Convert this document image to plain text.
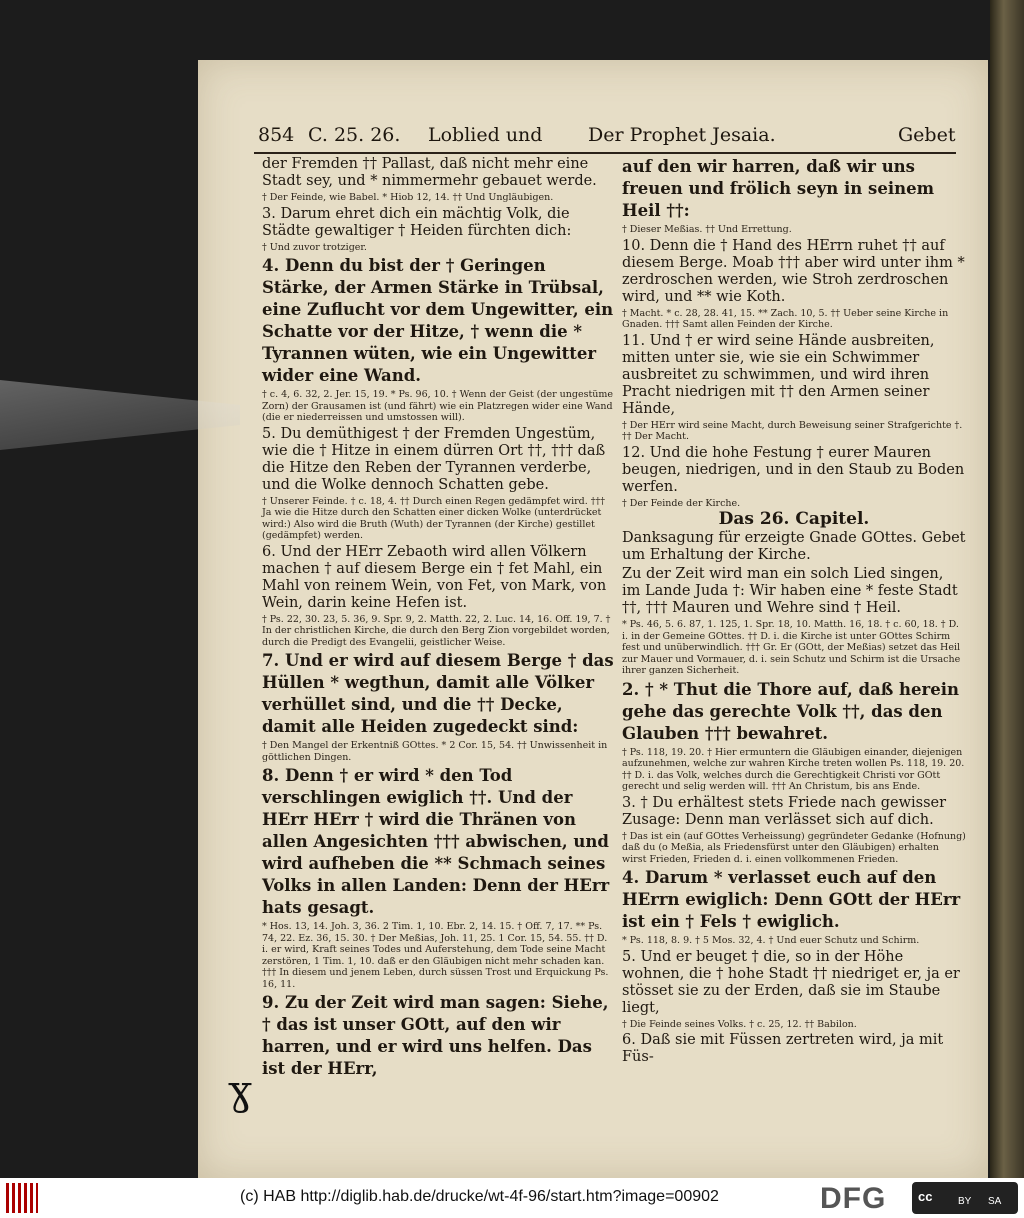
854 C. 25. 26. Loblied und Der Prophet Jesaia.	Gebet

der Fremden †† Pallast, daß nicht mehr eine Stadt sey, und * nimmermehr gebauet werde.

† Der Feinde, wie Babel. * Hiob 12, 14. †† Und Ungläubigen.

3. Darum ehret dich ein mächtig Volk, die Städte gewaltiger † Heiden fürchten dich:

† Und zuvor trotziger.

4. Denn du bist der † Geringen Stärke, der Armen Stärke in Trübsal, eine Zuflucht vor dem Ungewitter, ein Schatte vor der Hitze, † wenn die * Tyrannen wüten, wie ein Ungewitter wider eine Wand.

† c. 4, 6. 32, 2. Jer. 15, 19. * Ps. 96, 10. † Wenn der Geist (der ungestüme Zorn) der Grausamen ist (und fährt) wie ein Platzregen wider eine Wand (die er niederreissen und umstossen will).

5. Du demüthigest † der Fremden Ungestüm, wie die † Hitze in einem dürren Ort ††, ††† daß die Hitze den Reben der Tyrannen verderbe, und die Wolke dennoch Schatten gebe.

† Unserer Feinde. † c. 18, 4. †† Durch einen Regen gedämpfet wird. ††† Ja wie die Hitze durch den Schatten einer dicken Wolke (unterdrücket wird:) Also wird die Bruth (Wuth) der Tyrannen (der Kirche) gestillet (gedämpfet) werden.

6. Und der HErr Zebaoth wird allen Völkern machen † auf diesem Berge ein † fet Mahl, ein Mahl von reinem Wein, von Fet, von Mark, von Wein, darin keine Hefen ist.

† Ps. 22, 30. 23, 5. 36, 9. Spr. 9, 2. Matth. 22, 2. Luc. 14, 16. Off. 19, 7. † In der christlichen Kirche, die durch den Berg Zion vorgebildet worden, durch die Predigt des Evangelii, geistlicher Weise.

7. Und er wird auf diesem Berge † das Hüllen * wegthun, damit alle Völker verhüllet sind, und die †† Decke, damit alle Heiden zugedeckt sind:

† Den Mangel der Erkentniß GOttes. * 2 Cor. 15, 54. †† Unwissenheit in göttlichen Dingen.

8. Denn † er wird * den Tod verschlingen ewiglich ††. Und der HErr HErr † wird die Thränen von allen Angesichten ††† abwischen, und wird aufheben die ** Schmach seines Volks in allen Landen: Denn der HErr hats gesagt.

* Hos. 13, 14. Joh. 3, 36. 2 Tim. 1, 10. Ebr. 2, 14. 15. † Off. 7, 17. ** Ps. 74, 22. Ez. 36, 15. 30. † Der Meßias, Joh. 11, 25. 1 Cor. 15, 54. 55. †† D. i. er wird, Kraft seines Todes und Auferstehung, dem Tode seine Macht zerstören, 1 Tim. 1, 10. daß er den Gläubigen nicht mehr schaden kan. ††† In diesem und jenem Leben, durch süssen Trost und Erquickung Ps. 16, 11.

9. Zu der Zeit wird man sagen: Siehe, † das ist unser GOtt, auf den wir harren, und er wird uns helfen. Das ist der HErr,

auf den wir harren, daß wir uns freuen und frölich seyn in seinem Heil ††:

† Dieser Meßias. †† Und Errettung.

10. Denn die † Hand des HErrn ruhet †† auf diesem Berge. Moab ††† aber wird unter ihm * zerdroschen werden, wie Stroh zerdroschen wird, und ** wie Koth.

† Macht. * c. 28, 28. 41, 15. ** Zach. 10, 5. †† Ueber seine Kirche in Gnaden. ††† Samt allen Feinden der Kirche.

11. Und † er wird seine Hände ausbreiten, mitten unter sie, wie sie ein Schwimmer ausbreitet zu schwimmen, und wird ihren Pracht niedrigen mit †† den Armen seiner Hände,

† Der HErr wird seine Macht, durch Beweisung seiner Strafgerichte †. †† Der Macht.

12. Und die hohe Festung † eurer Mauren beugen, niedrigen, und in den Staub zu Boden werfen.

† Der Feinde der Kirche.

Das 26. Capitel.

Danksagung für erzeigte Gnade GOttes. Gebet um Erhaltung der Kirche.

Zu der Zeit wird man ein solch Lied singen, im Lande Juda †: Wir haben eine * feste Stadt ††, ††† Mauren und Wehre sind † Heil.

* Ps. 46, 5. 6. 87, 1. 125, 1. Spr. 18, 10. Matth. 16, 18. † c. 60, 18. † D. i. in der Gemeine GOttes. †† D. i. die Kirche ist unter GOttes Schirm fest und unüberwindlich. ††† Gr. Er (GOtt, der Meßias) setzet das Heil zur Mauer und Vormauer, d. i. sein Schutz und Schirm ist die Ursache ihrer ganzen Sicherheit.

2. † * Thut die Thore auf, daß herein gehe das gerechte Volk ††, das den Glauben ††† bewahret.

† Ps. 118, 19. 20. † Hier ermuntern die Gläubigen einander, diejenigen aufzunehmen, welche zur wahren Kirche treten wollen Ps. 118, 19. 20. †† D. i. das Volk, welches durch die Gerechtigkeit Christi vor GOtt gerecht und selig werden will. ††† An Christum, bis ans Ende.

3. † Du erhältest stets Friede nach gewisser Zusage: Denn man verlässet sich auf dich.

† Das ist ein (auf GOttes Verheissung) gegründeter Gedanke (Hofnung) daß du (o Meßia, als Friedensfürst unter den Gläubigen) erhalten wirst Frieden, Frieden d. i. einen vollkommenen Frieden.

4. Darum * verlasset euch auf den HErrn ewiglich: Denn GOtt der HErr ist ein † Fels † ewiglich.

* Ps. 118, 8. 9. † 5 Mos. 32, 4. † Und euer Schutz und Schirm.

5. Und er beuget † die, so in der Höhe wohnen, die † hohe Stadt †† niedriget er, ja er stösset sie zu der Erden, daß sie im Staube liegt,

† Die Feinde seines Volks. † c. 25, 12. †† Babilon.

6. Daß sie mit Füssen zertreten wird, ja mit Füs-

ɣ
(c) HAB http://diglib.hab.de/drucke/wt-4f-96/start.htm?image=00902	DFG cc	BY SA
